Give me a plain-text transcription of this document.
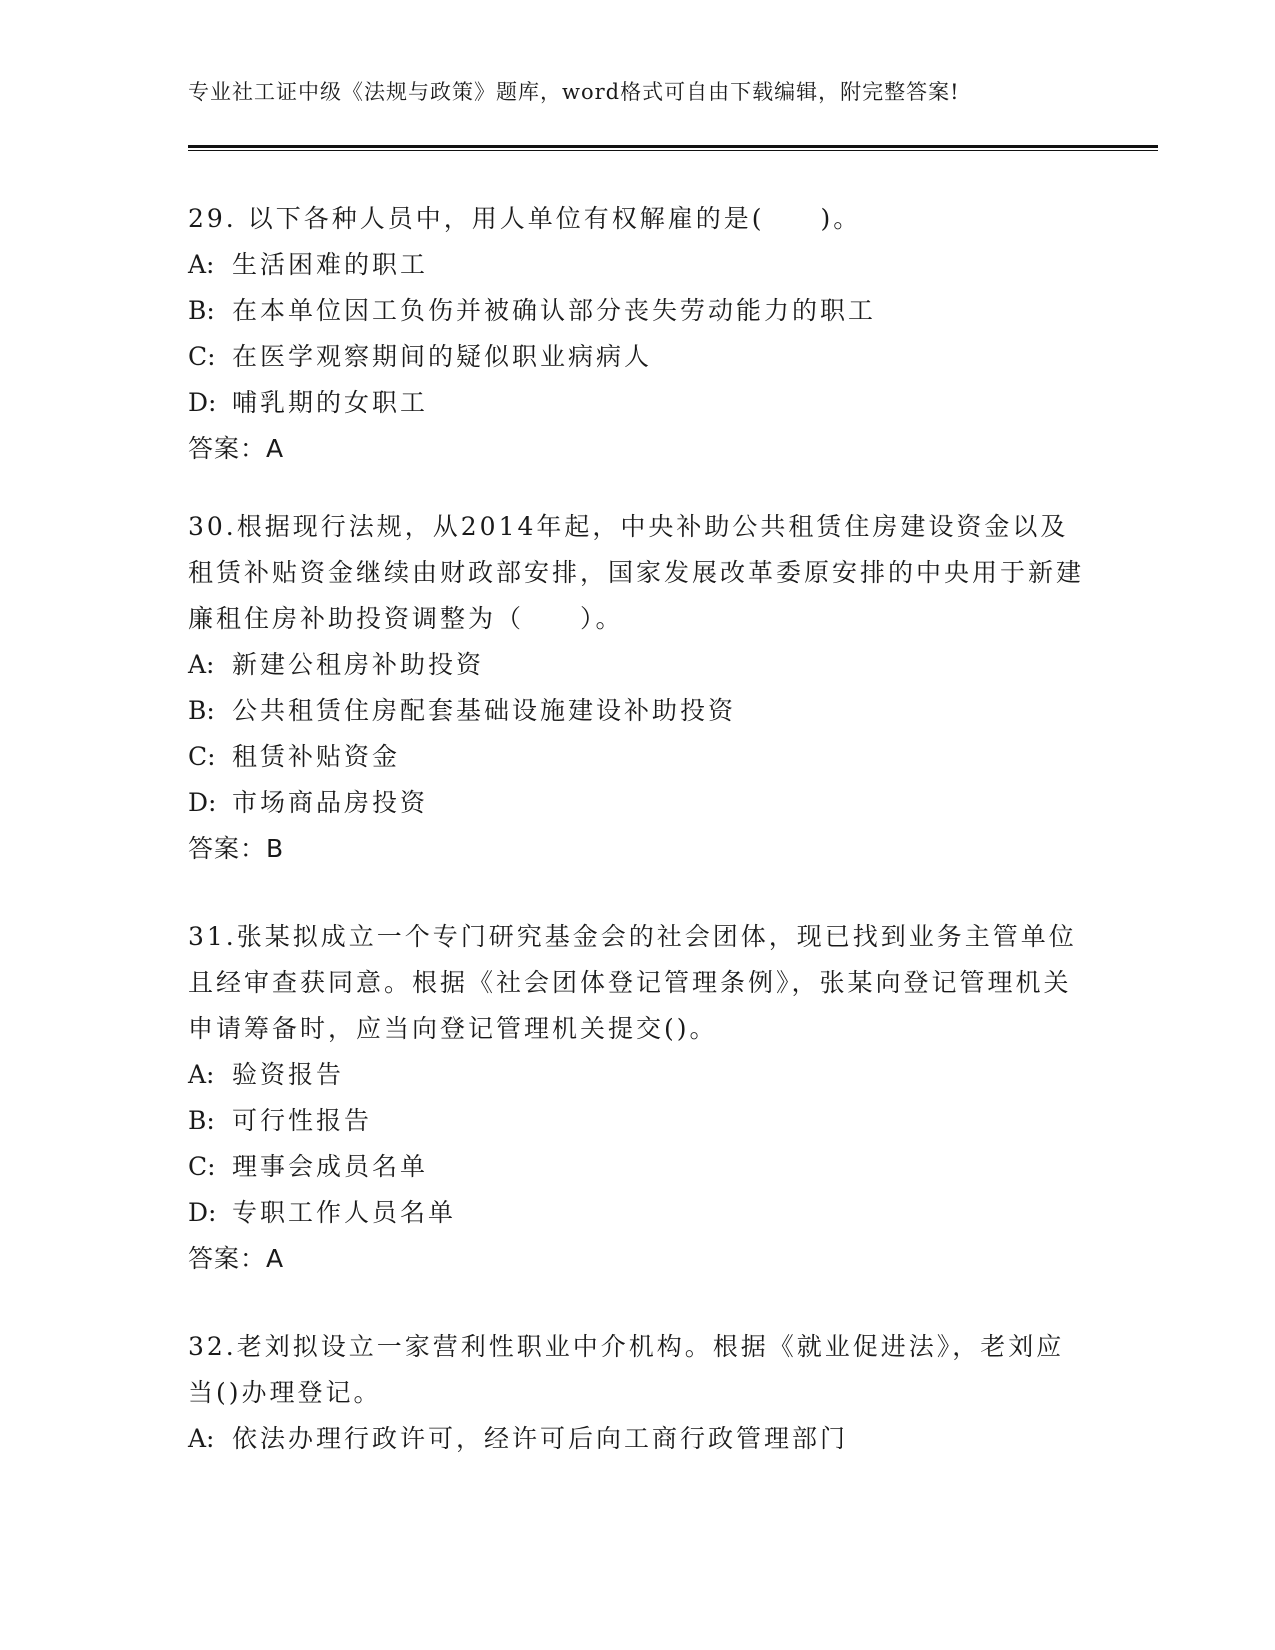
专业社工证中级《法规与政策》题库，word格式可自由下载编辑，附完整答案!

29. 以下各种人员中，用人单位有权解雇的是(　　)。

A: 生活困难的职工

B: 在本单位因工负伤并被确认部分丧失劳动能力的职工

C: 在医学观察期间的疑似职业病病人

D: 哺乳期的女职工

答案：A

30.根据现行法规，从2014年起，中央补助公共租赁住房建设资金以及租赁补贴资金继续由财政部安排，国家发展改革委原安排的中央用于新建廉租住房补助投资调整为（　　）。

A: 新建公租房补助投资

B: 公共租赁住房配套基础设施建设补助投资

C: 租赁补贴资金

D: 市场商品房投资

答案：B

31.张某拟成立一个专门研究基金会的社会团体，现已找到业务主管单位且经审查获同意。根据《社会团体登记管理条例》，张某向登记管理机关申请筹备时，应当向登记管理机关提交()。

A: 验资报告

B: 可行性报告

C: 理事会成员名单

D: 专职工作人员名单

答案：A

32.老刘拟设立一家营利性职业中介机构。根据《就业促进法》，老刘应当()办理登记。

A: 依法办理行政许可，经许可后向工商行政管理部门
